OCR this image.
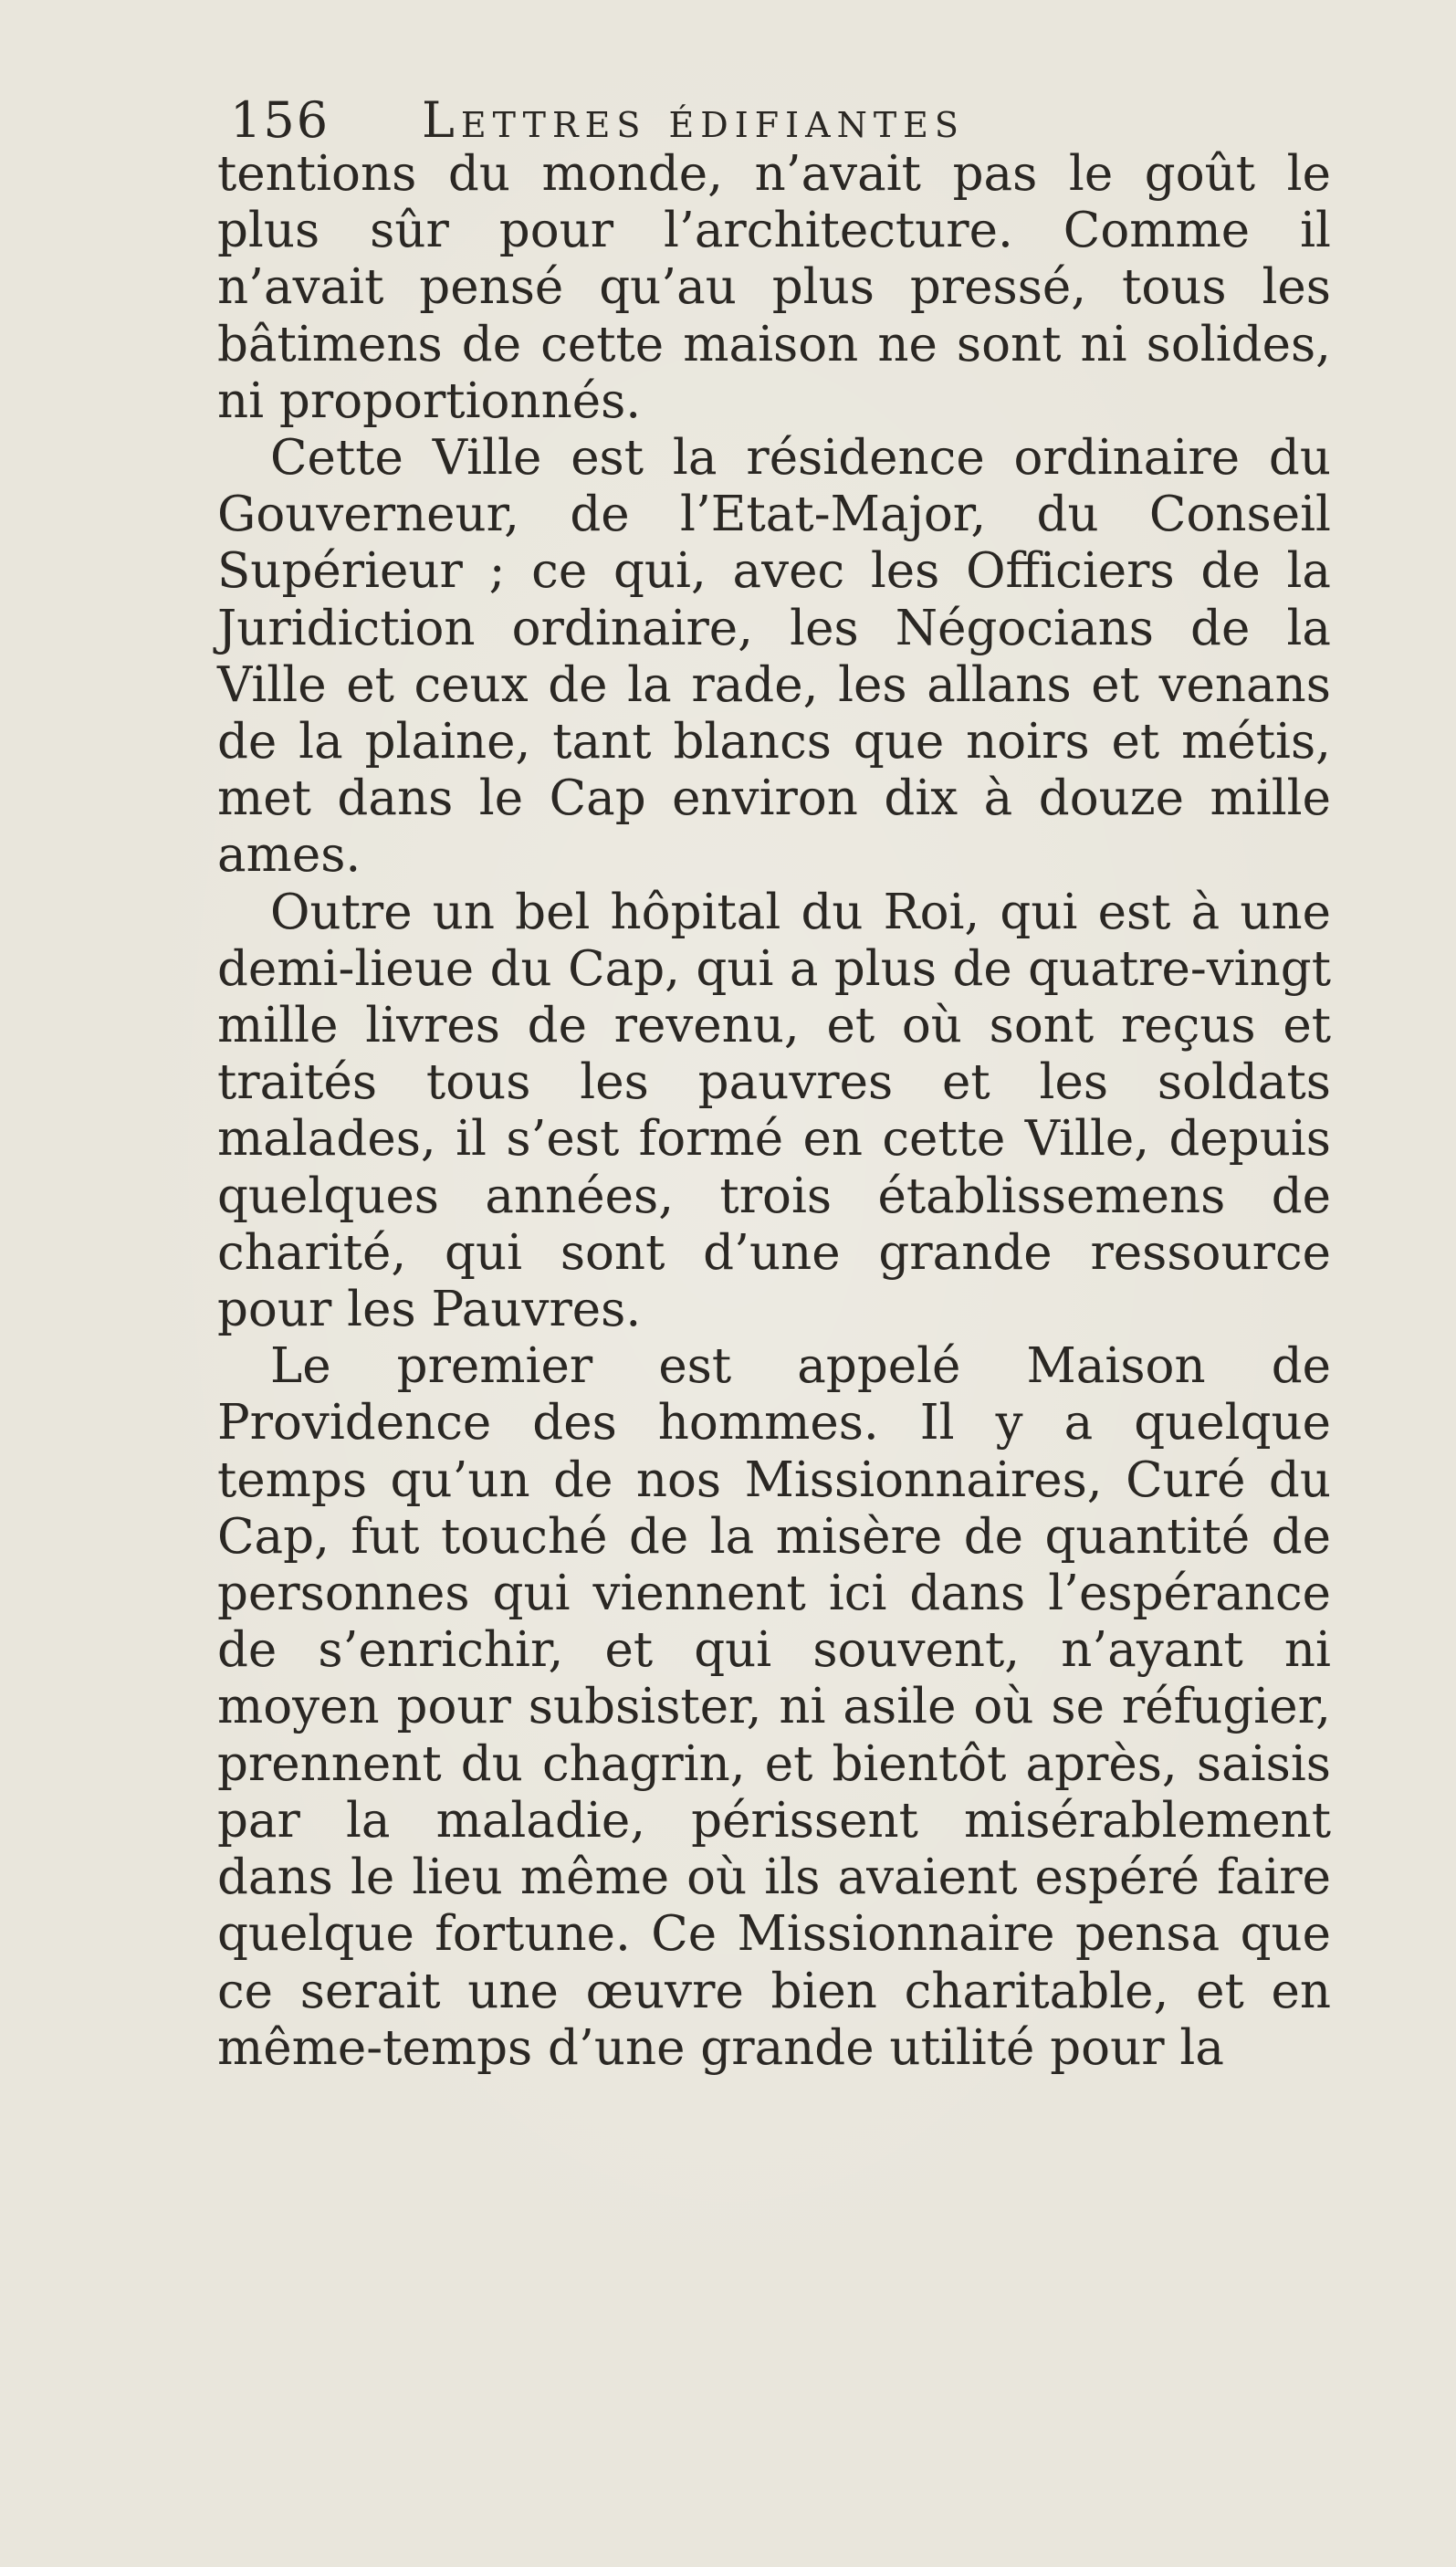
156	Lettres édifiantes

tentions du monde, n’avait pas le goût le plus sûr pour l’architecture. Comme il n’avait pensé qu’au plus pressé, tous les bâtimens de cette maison ne sont ni solides, ni proportionnés.

Cette Ville est la résidence ordinaire du Gouverneur, de l’Etat-Major, du Conseil Supérieur ; ce qui, avec les Officiers de la Juridiction ordinaire, les Négocians de la Ville et ceux de la rade, les allans et venans de la plaine, tant blancs que noirs et métis, met dans le Cap environ dix à douze mille ames.

Outre un bel hôpital du Roi, qui est à une demi-lieue du Cap, qui a plus de quatre-vingt mille livres de revenu, et où sont reçus et traités tous les pauvres et les soldats malades, il s’est formé en cette Ville, depuis quelques années, trois établissemens de charité, qui sont d’une grande ressource pour les Pauvres.

Le premier est appelé Maison de Providence des hommes. Il y a quelque temps qu’un de nos Missionnaires, Curé du Cap, fut touché de la misère de quantité de personnes qui viennent ici dans l’espérance de s’enrichir, et qui souvent, n’ayant ni moyen pour subsister, ni asile où se réfugier, prennent du chagrin, et bientôt après, saisis par la maladie, périssent misérablement dans le lieu même où ils avaient espéré faire quelque fortune. Ce Missionnaire pensa que ce serait une œuvre bien charitable, et en même-temps d’une grande utilité pour la
